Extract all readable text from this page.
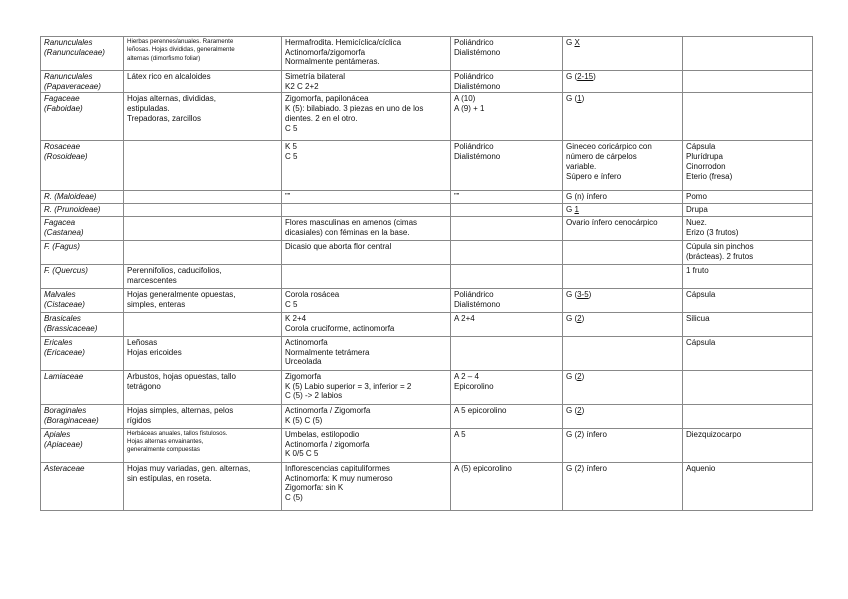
Ranunculales
(Ranunculaceae)	Hierbas perennes/anuales. Raramente
leñosas. Hojas divididas, generalmente
alternas (dimorfismo foliar)	Hermafrodita. Hemicíclica/cíclica
Actinomorfa/zigomorfa
Normalmente pentámeras.	Poliándrico
Dialistémono	G X	

Ranunculales
(Papaveraceae)	Látex rico en alcaloides	Simetría bilateral
K2 C 2+2	Poliándrico
Dialistémono	G (2-15)	

Fagaceae
(Faboidae)	Hojas alternas, divididas,
estipuladas.
Trepadoras, zarcillos	Zigomorfa, papilonácea
K (5): bilabiado. 3 piezas en uno de los
dientes. 2 en el otro.
C 5	A (10)
A (9) + 1	G (1)	

Rosaceae
(Rosoideae)		K 5
C 5	Poliándrico
Dialistémono	Gineceo coricárpico con
número de cárpelos
variable.
Súpero e ínfero	Cápsula
Plurídrupa
Cinorrodon
Eterio (fresa)

R. (Maloideae)		””	””	G (n) ínfero	Pomo

R. (Prunoideae)				G 1	Drupa

Fagacea
(Castanea)		Flores masculinas en amenos (cimas
dicasiales) con féminas en la base.		Ovario ínfero cenocárpico	Nuez.
Erizo (3 frutos)

F. (Fagus)		Dicasio que aborta flor central			Cúpula sin pinchos
(brácteas). 2 frutos

F. (Quercus)	Perennifolios, caducifolios,
marcescentes				1 fruto

Malvales
(Cistaceae)	Hojas generalmente opuestas,
simples, enteras	Corola rosácea
C 5	Poliándrico
Dialistémono	G (3-5)	Cápsula

Brasicales
(Brassicaceae)		K 2+4
Corola cruciforme, actinomorfa	A 2+4	G (2)	Silicua

Ericales
(Ericaceae)	Leñosas
Hojas ericoides	Actinomorfa
Normalmente tetrámera
Urceolada			Cápsula

Lamiaceae	Arbustos, hojas opuestas, tallo
tetrágono	Zigomorfa
K (5) Labio superior = 3, inferior = 2
C (5) -> 2 labios	A 2 – 4
Epicorolino	G (2)	

Boraginales
(Boraginaceae)	Hojas simples, alternas, pelos
rígidos	Actinomorfa / Zigomorfa
K (5) C (5)	A 5 epicorolino	G (2)	

Apiales
(Apiaceae)	Herbáceas anuales, tallos fistulosos.
Hojas alternas envainantes,
generalmente compuestas	Umbelas, estilopodio
Actinomorfa / zigomorfa
K 0/5 C 5	A 5	G (2) ínfero	Diezquizocarpo

Asteraceae	Hojas muy variadas, gen. alternas,
sin estípulas, en roseta.	Inflorescencias capituliformes
Actinomorfa: K muy numeroso
Zigomorfa: sin K
C (5)	A (5) epicorolino	G (2) ínfero	Aquenio
